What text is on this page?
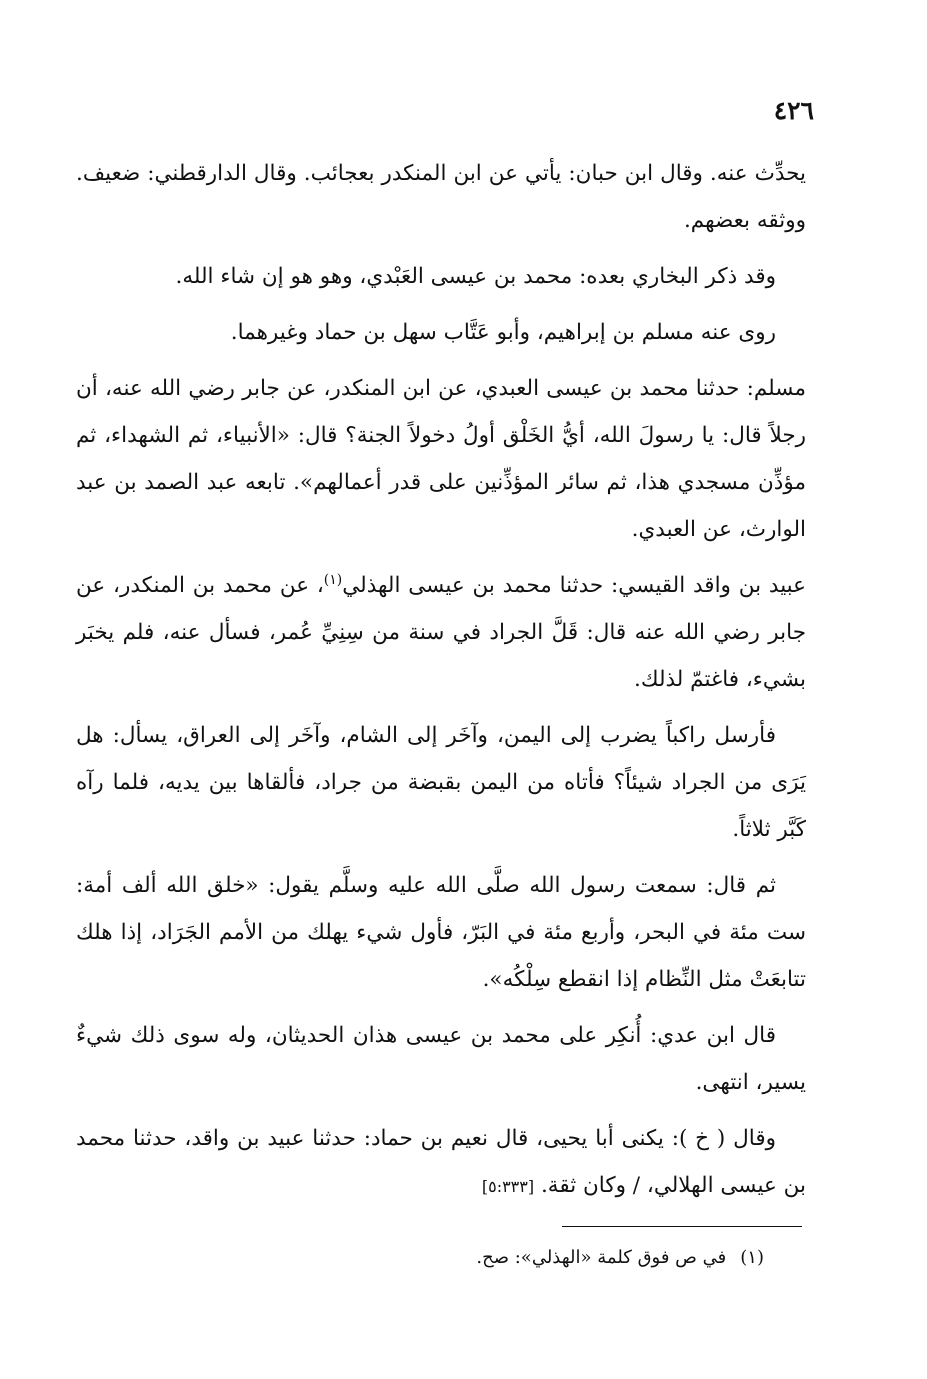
٤٢٦

يحدِّث عنه. وقال ابن حبان: يأتي عن ابن المنكدر بعجائب. وقال الدارقطني: ضعيف. ووثقه بعضهم.

وقد ذكر البخاري بعده: محمد بن عيسى العَبْدي، وهو هو إن شاء الله.

روى عنه مسلم بن إبراهيم، وأبو عَتَّاب سهل بن حماد وغيرهما.

مسلم: حدثنا محمد بن عيسى العبدي، عن ابن المنكدر، عن جابر رضي الله عنه، أن رجلاً قال: يا رسولَ الله، أيُّ الخَلْق أولُ دخولاً الجنة؟ قال: «الأنبياء، ثم الشهداء، ثم مؤذِّن مسجدي هذا، ثم سائر المؤذِّنين على قدر أعمالهم». تابعه عبد الصمد بن عبد الوارث، عن العبدي.

عبيد بن واقد القيسي: حدثنا محمد بن عيسى الهذلي$^{(١)}$، عن محمد بن المنكدر، عن جابر رضي الله عنه قال: قَلَّ الجراد في سنة من سِنِيِّ عُمر، فسأل عنه، فلم يخبَر بشيء، فاغتمّ لذلك.

فأرسل راكباً يضرب إلى اليمن، وآخَر إلى الشام، وآخَر إلى العراق، يسأل: هل يَرَى من الجراد شيئاً؟ فأتاه من اليمن بقبضة من جراد، فألقاها بين يديه، فلما رآه كَبَّر ثلاثاً.

ثم قال: سمعت رسول الله صلَّى الله عليه وسلَّم يقول: «خلق الله ألف أمة: ست مئة في البحر، وأربع مئة في البَرّ، فأول شيء يهلك من الأمم الجَرَاد، إذا هلك تتابعَتْ مثل النِّظام إذا انقطع سِلْكُه».

قال ابن عدي: أُنكِر على محمد بن عيسى هذان الحديثان، وله سوى ذلك شيءٌ يسير، انتهى.

وقال ( خ ): يكنى أبا يحيى، قال نعيم بن حماد: حدثنا عبيد بن واقد، حدثنا محمد بن عيسى الهلالي، / وكان ثقة. [٥:٣٣٣]

(١)في ص فوق كلمة «الهذلي»: صح.
